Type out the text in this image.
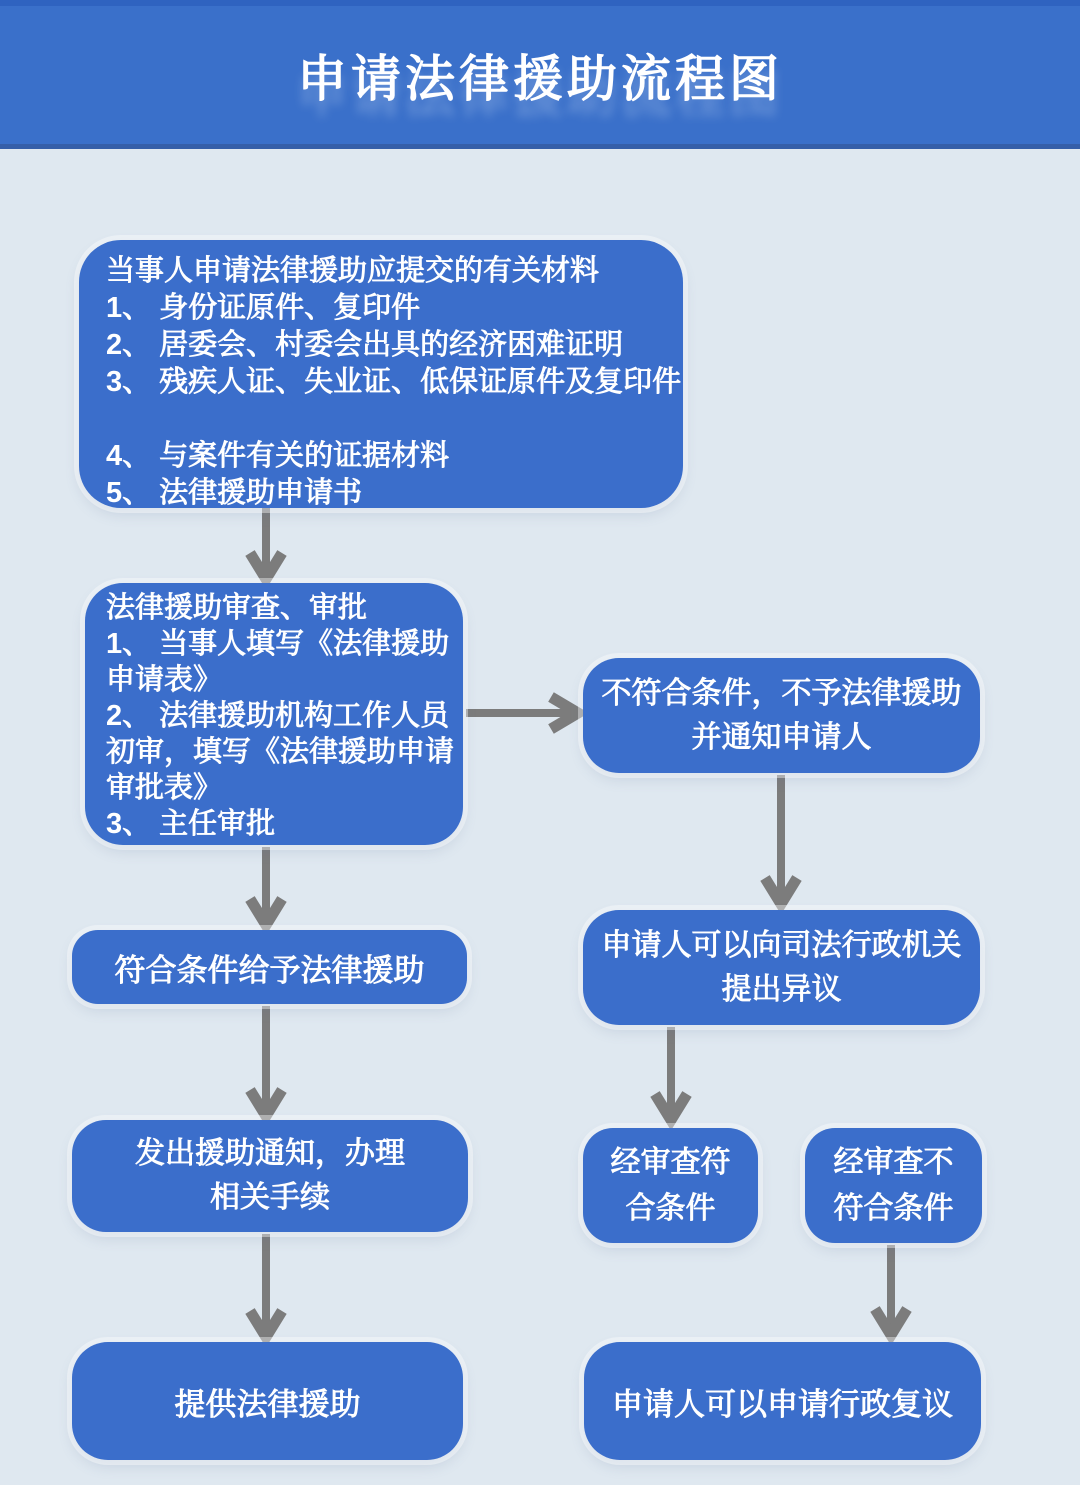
申请法律援助流程图
当事人申请法律援助应提交的有关材料
1、 身份证原件、复印件
2、 居委会、村委会出具的经济困难证明
3、 残疾人证、失业证、低保证原件及复印件
4、 与案件有关的证据材料
5、 法律援助申请书
法律援助审查、审批
1、 当事人填写《法律援助
申请表》
2、 法律援助机构工作人员
初审，填写《法律援助申请
审批表》
3、 主任审批
不符合条件，不予法律援助
并通知申请人
符合条件给予法律援助
申请人可以向司法行政机关
提出异议
发出援助通知，办理
相关手续
经审查符
合条件
经审查不
符合条件
提供法律援助	申请人可以申请行政复议
